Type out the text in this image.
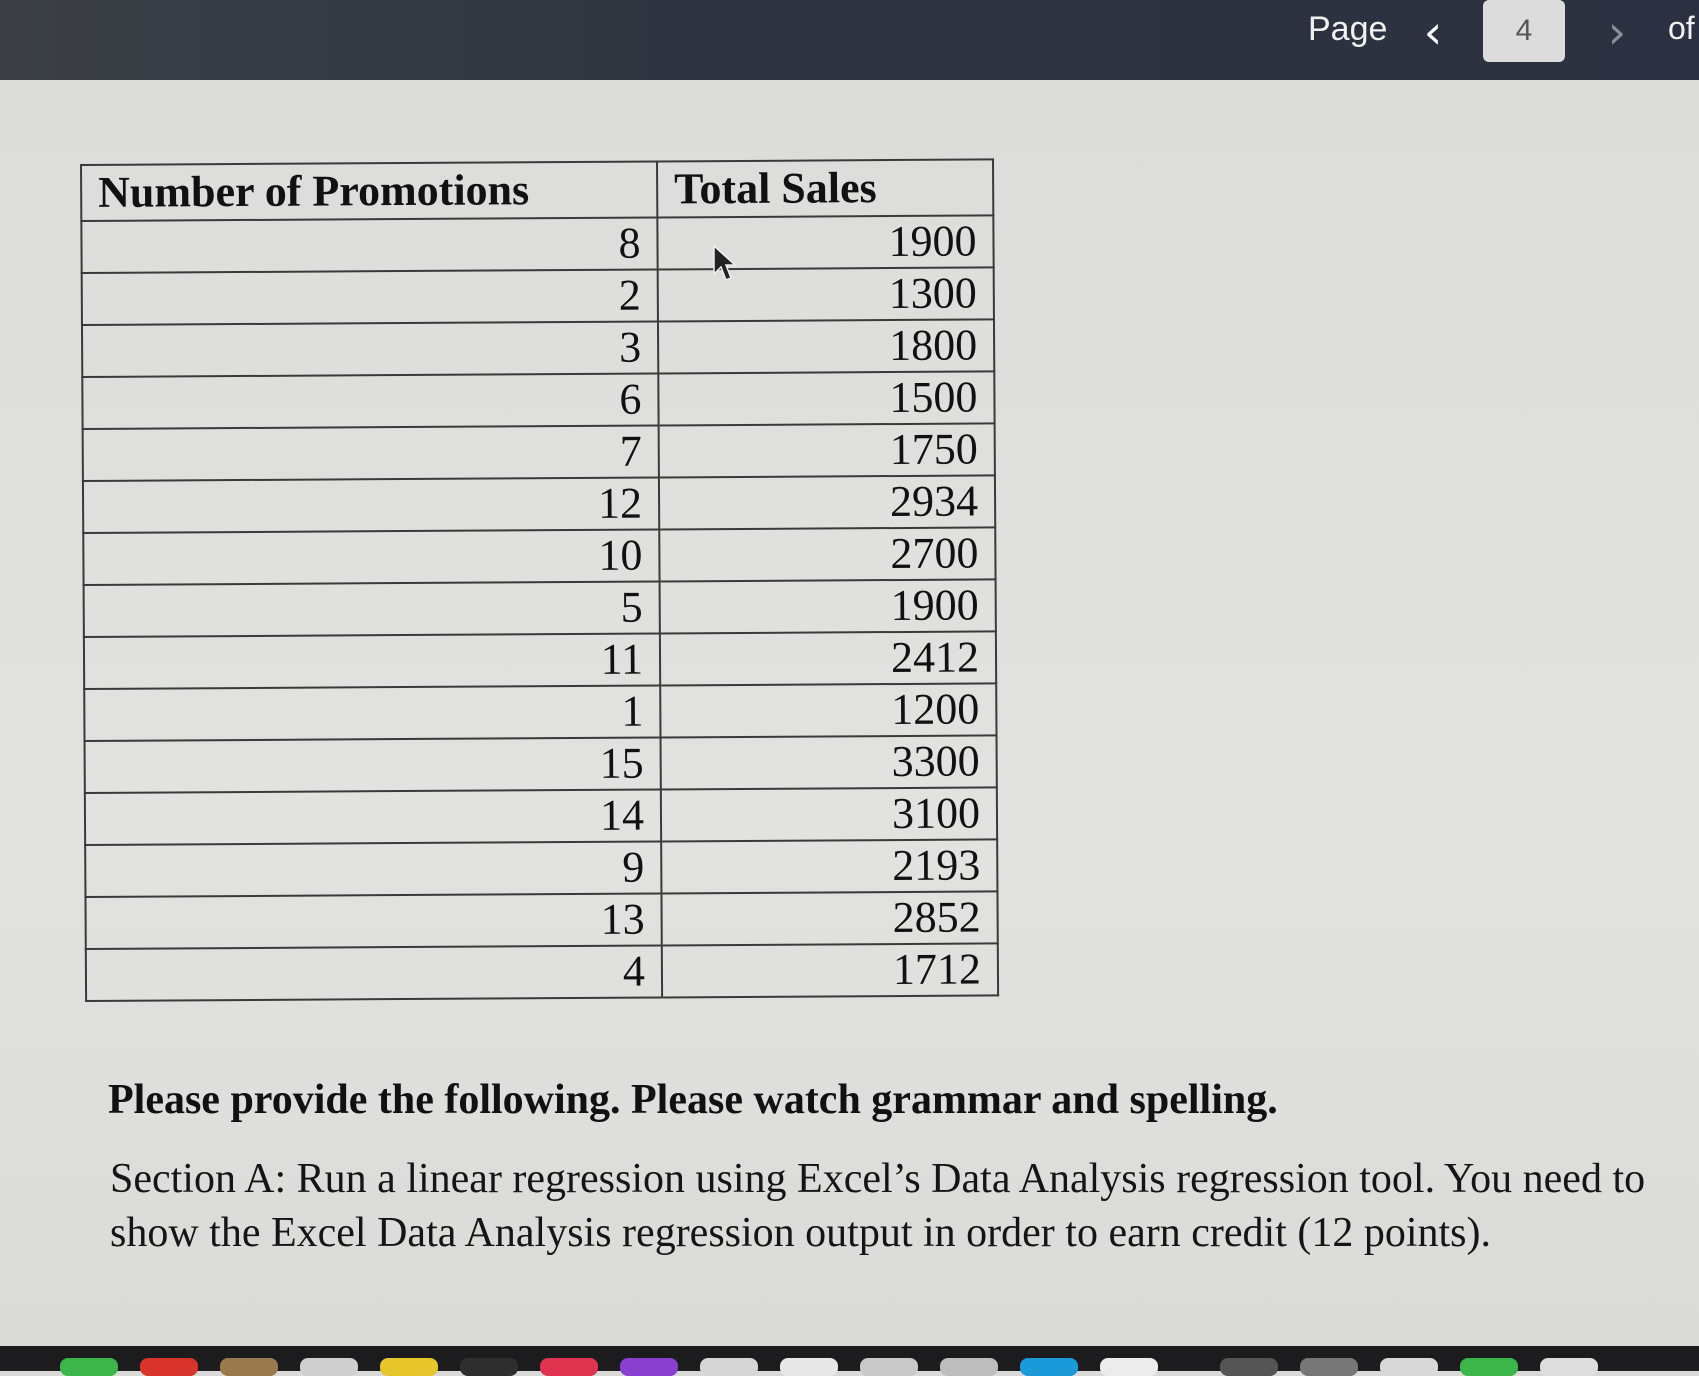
Page ‹
4	›	of
Number of Promotions	Total Sales
8	1900
2	1300
3	1800
6	1500
7	1750
12	2934
10	2700
5	1900
11	2412
1	1200
15	3300
14	3100
9	2193
13	2852
4	1712
Please provide the following. Please watch grammar and spelling.
Section A: Run a linear regression using Excel’s Data Analysis regression tool. You need to show the Excel Data Analysis regression output in order to earn credit (12 points).
